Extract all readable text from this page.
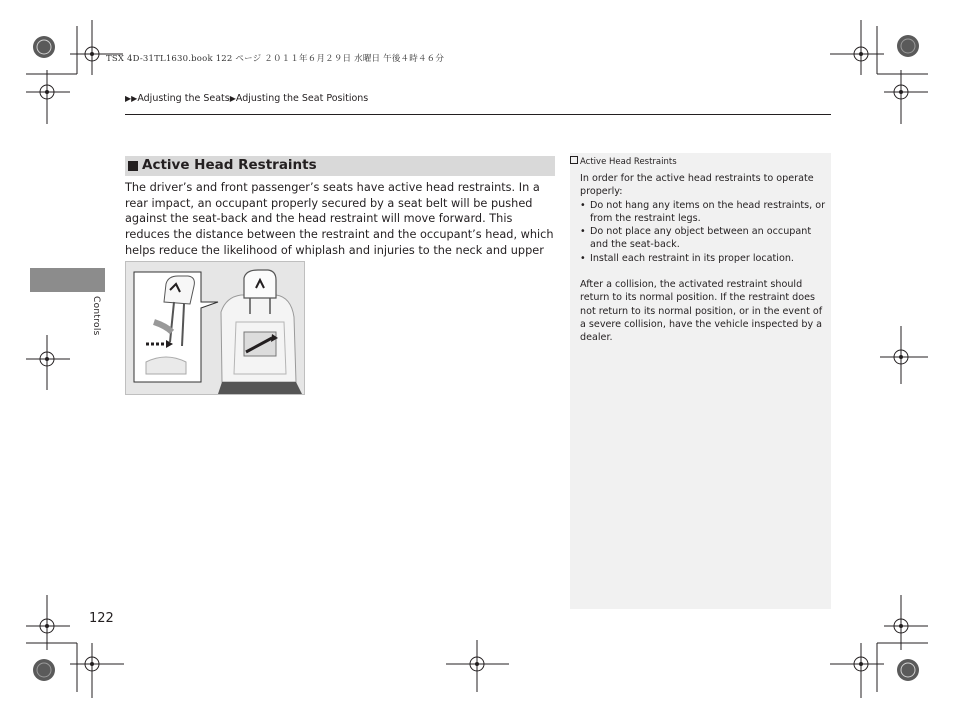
TSX 4D-31TL1630.book 122 ページ ２０１１年６月２９日 水曜日 午後４時４６分
▶▶Adjusting the Seats▶Adjusting the Seat Positions
Active Head Restraints
The driver’s and front passenger’s seats have active head restraints. In a rear impact, an occupant properly secured by a seat belt will be pushed against the seat-back and the head restraint will move forward. This reduces the distance between the restraint and the occupant’s head, which helps reduce the likelihood of whiplash and injuries to the neck and upper
Active Head Restraints

In order for the active head restraints to operate properly:

• Do not hang any items on the head restraints, or from the restraint legs.
• Do not place any object between an occupant and the seat-back.
• Install each restraint in its proper location.

After a collision, the activated restraint should return to its normal position. If the restraint does not return to its normal position, or in the event of a severe collision, have the vehicle inspected by a dealer.

Controls
122
